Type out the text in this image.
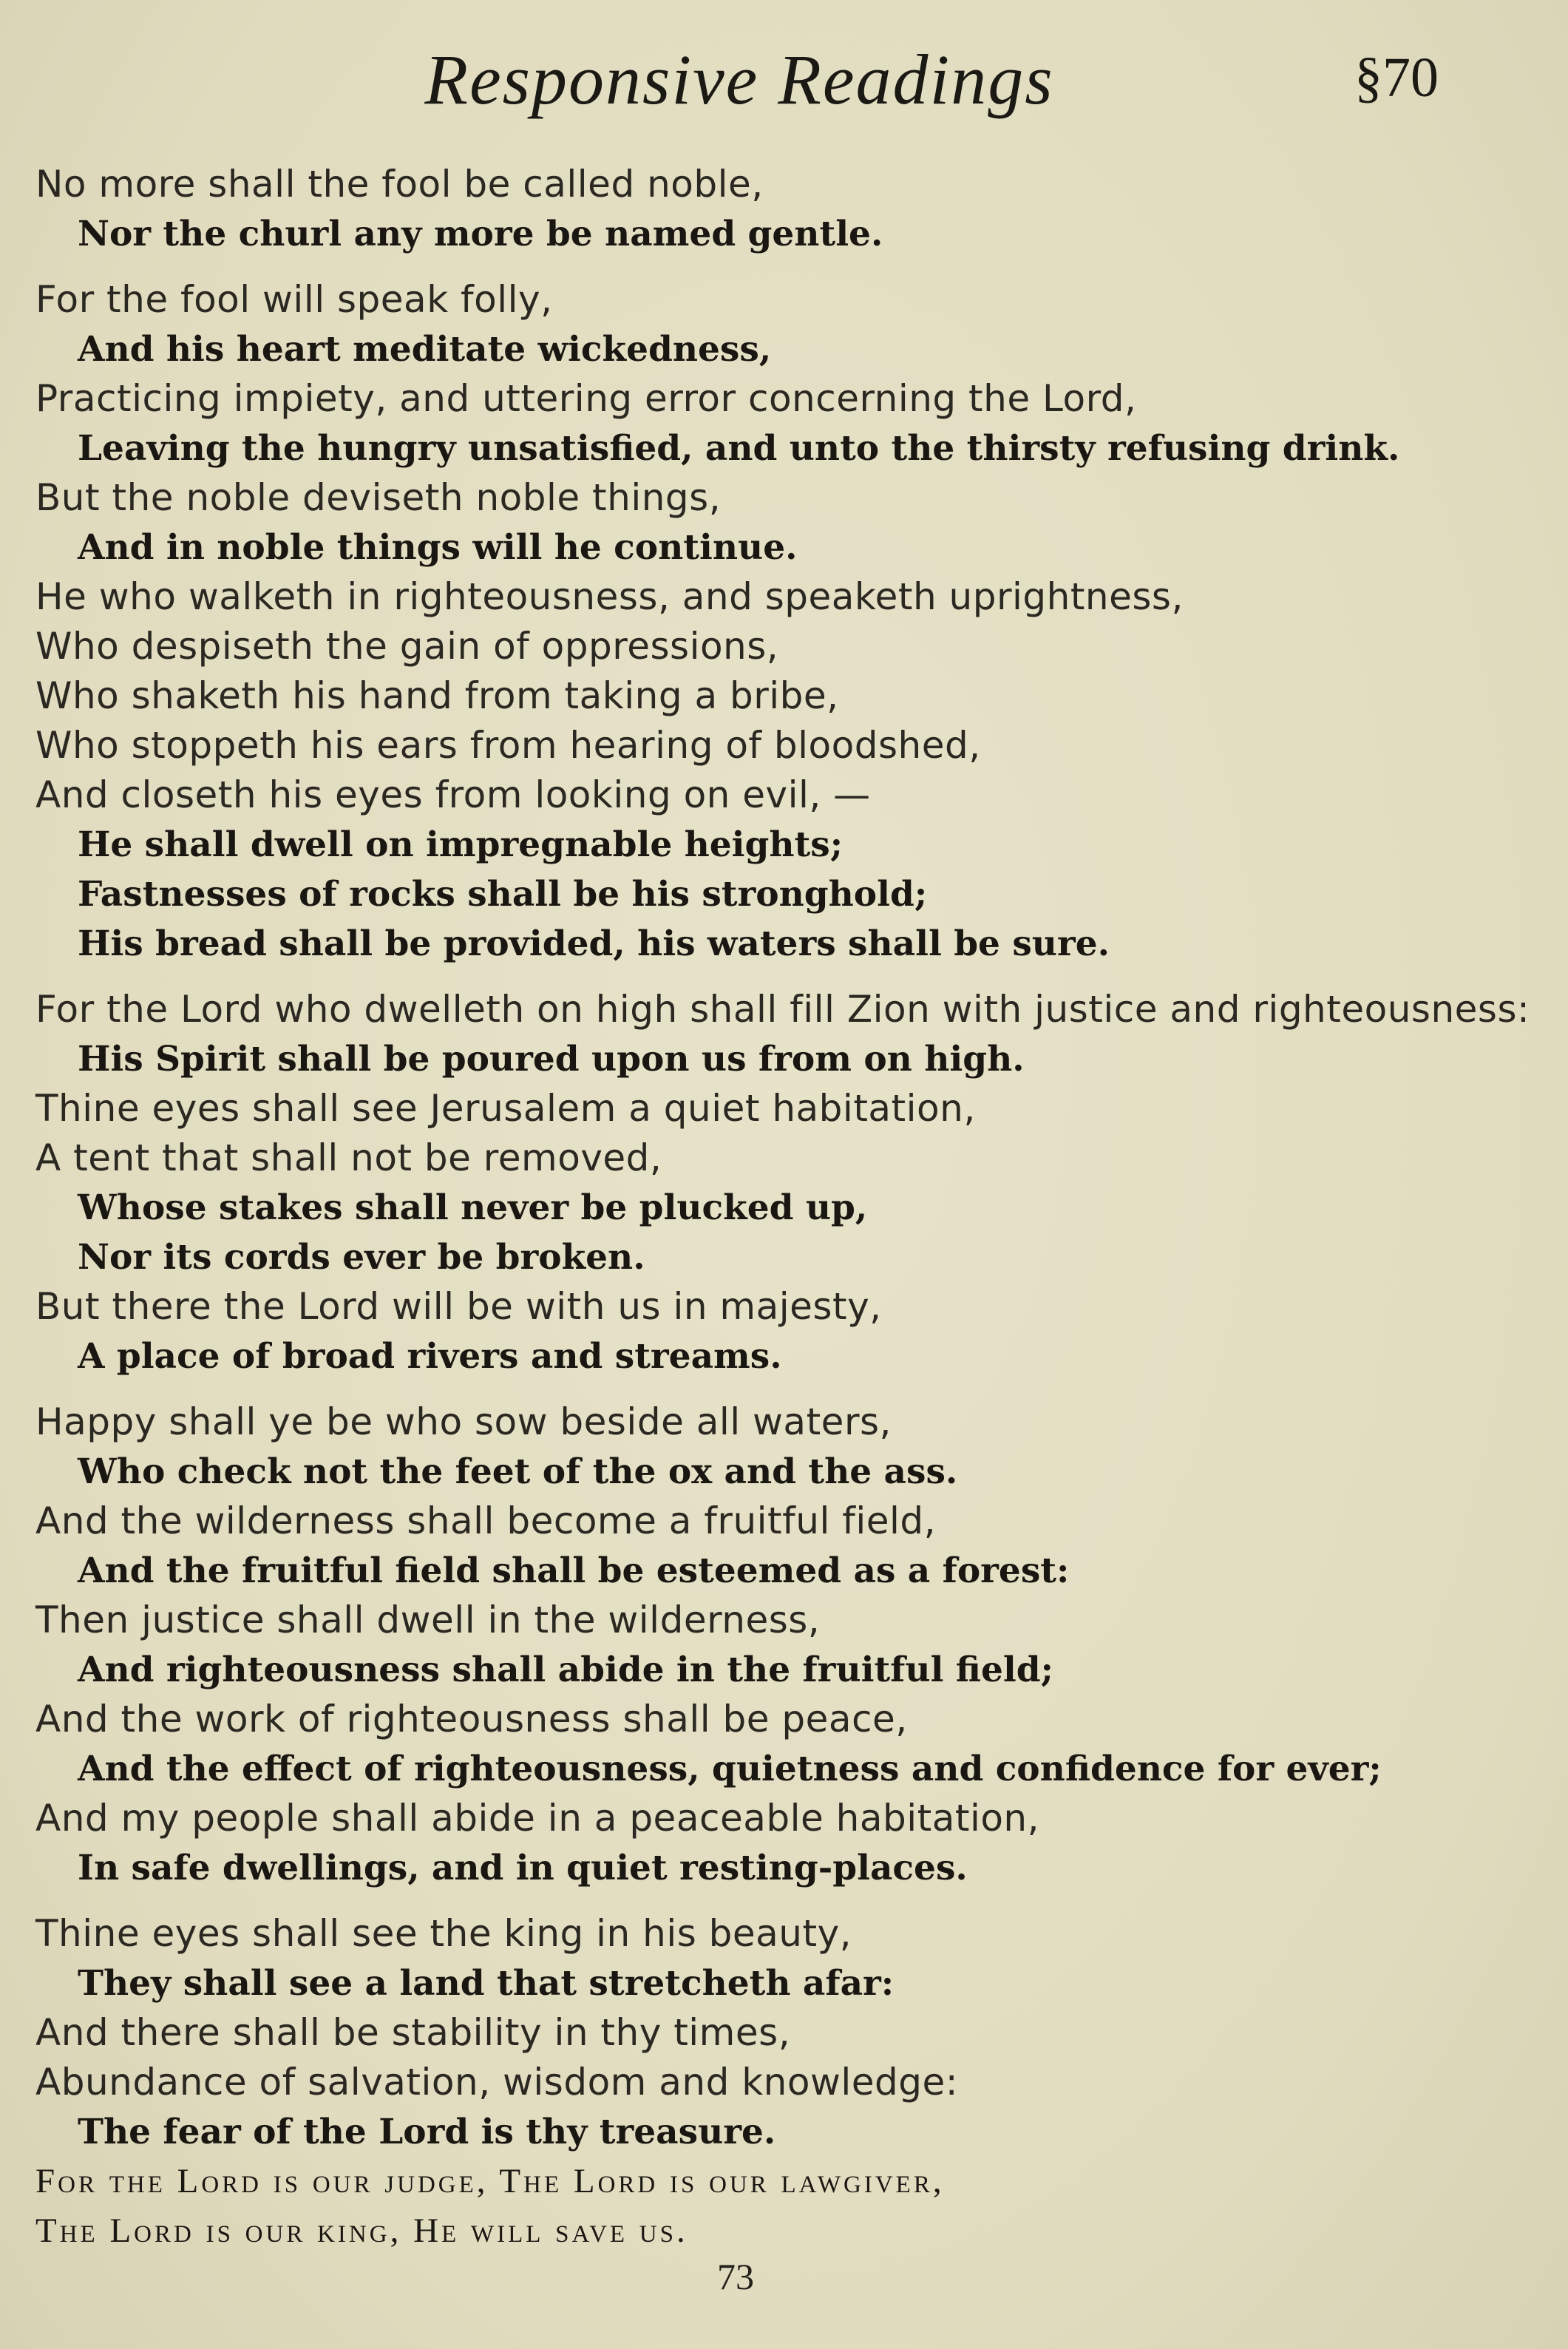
Responsive Readings	§70
No more shall the fool be called noble,
Nor the churl any more be named gentle.
For the fool will speak folly,
And his heart meditate wickedness,
Practicing impiety, and uttering error concerning the Lord,
Leaving the hungry unsatisfied, and unto the thirsty refusing drink.
But the noble deviseth noble things,
And in noble things will he continue.
He who walketh in righteousness, and speaketh uprightness,
Who despiseth the gain of oppressions,
Who shaketh his hand from taking a bribe,
Who stoppeth his ears from hearing of bloodshed,
And closeth his eyes from looking on evil, —
He shall dwell on impregnable heights;
Fastnesses of rocks shall be his stronghold;
His bread shall be provided, his waters shall be sure.
For the Lord who dwelleth on high shall fill Zion with justice and righteousness:
His Spirit shall be poured upon us from on high.
Thine eyes shall see Jerusalem a quiet habitation,
A tent that shall not be removed,
Whose stakes shall never be plucked up,
Nor its cords ever be broken.
But there the Lord will be with us in majesty,
A place of broad rivers and streams.
Happy shall ye be who sow beside all waters,
Who check not the feet of the ox and the ass.
And the wilderness shall become a fruitful field,
And the fruitful field shall be esteemed as a forest:
Then justice shall dwell in the wilderness,
And righteousness shall abide in the fruitful field;
And the work of righteousness shall be peace,
And the effect of righteousness, quietness and confidence for ever;
And my people shall abide in a peaceable habitation,
In safe dwellings, and in quiet resting-places.
Thine eyes shall see the king in his beauty,
They shall see a land that stretcheth afar:
And there shall be stability in thy times,
Abundance of salvation, wisdom and knowledge:
The fear of the Lord is thy treasure.
For the Lord is our judge, The Lord is our lawgiver,
The Lord is our king, He will save us.
73
